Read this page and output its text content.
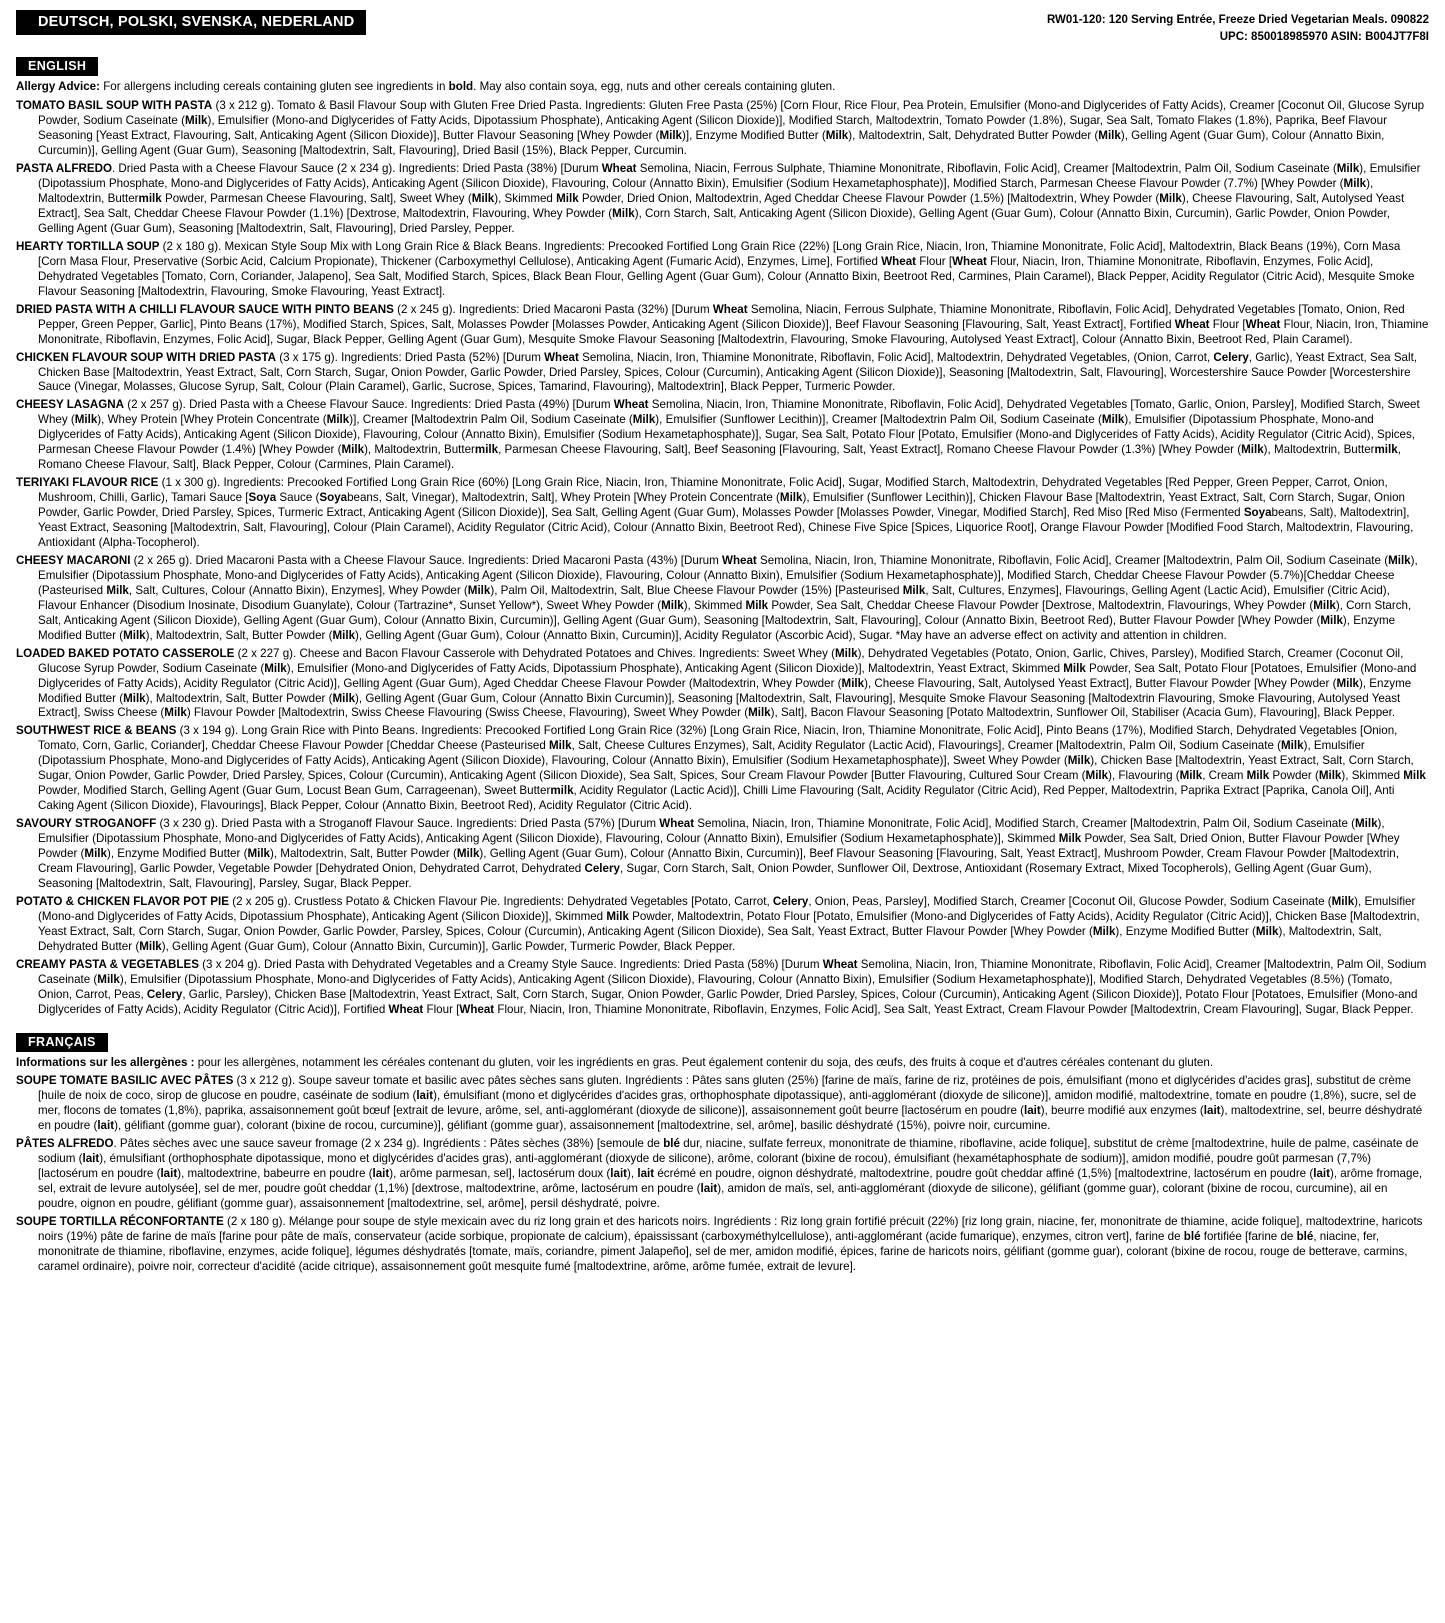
DEUTSCH, POLSKI, SVENSKA, NEDERLAND	RW01-120: 120 Serving Entrée, Freeze Dried Vegetarian Meals. 090822
UPC: 850018985970 ASIN: B004JT7F8I
ENGLISH

Allergy Advice: For allergens including cereals containing gluten see ingredients in bold. May also contain soya, egg, nuts and other cereals containing gluten.

TOMATO BASIL SOUP WITH PASTA (3 x 212 g). Tomato & Basil Flavour Soup with Gluten Free Dried Pasta. Ingredients: Gluten Free Pasta (25%) [Corn Flour, Rice Flour, Pea Protein, Emulsifier (Mono-and Diglycerides of Fatty Acids), Creamer [Coconut Oil, Glucose Syrup Powder, Sodium Caseinate (Milk), Emulsifier (Mono-and Diglycerides of Fatty Acids, Dipotassium Phosphate), Anticaking Agent (Silicon Dioxide)], Modified Starch, Maltodextrin, Tomato Powder (1.8%), Sugar, Sea Salt, Tomato Flakes (1.8%), Paprika, Beef Flavour Seasoning [Yeast Extract, Flavouring, Salt, Anticaking Agent (Silicon Dioxide)], Butter Flavour Seasoning [Whey Powder (Milk)], Enzyme Modified Butter (Milk), Maltodextrin, Salt, Dehydrated Butter Powder (Milk), Gelling Agent (Guar Gum), Colour (Annatto Bixin, Curcumin)], Gelling Agent (Guar Gum), Seasoning [Maltodextrin, Salt, Flavouring], Dried Basil (15%), Black Pepper, Curcumin.

PASTA ALFREDO. Dried Pasta with a Cheese Flavour Sauce (2 x 234 g). Ingredients: Dried Pasta (38%) [Durum Wheat Semolina, Niacin, Ferrous Sulphate, Thiamine Mononitrate, Riboflavin, Folic Acid], Creamer [Maltodextrin, Palm Oil, Sodium Caseinate (Milk), Emulsifier (Dipotassium Phosphate, Mono-and Diglycerides of Fatty Acids), Anticaking Agent (Silicon Dioxide), Flavouring, Colour (Annatto Bixin), Emulsifier (Sodium Hexametaphosphate)], Modified Starch, Parmesan Cheese Flavour Powder (7.7%) [Whey Powder (Milk), Maltodextrin, Buttermilk Powder, Parmesan Cheese Flavouring, Salt], Sweet Whey (Milk), Skimmed Milk Powder, Dried Onion, Maltodextrin, Aged Cheddar Cheese Flavour Powder (1.5%) [Maltodextrin, Whey Powder (Milk), Cheese Flavouring, Salt, Autolysed Yeast Extract], Sea Salt, Cheddar Cheese Flavour Powder (1.1%) [Dextrose, Maltodextrin, Flavouring, Whey Powder (Milk), Corn Starch, Salt, Anticaking Agent (Silicon Dioxide), Gelling Agent (Guar Gum), Colour (Annatto Bixin, Curcumin), Garlic Powder, Onion Powder, Gelling Agent (Guar Gum), Seasoning [Maltodextrin, Salt, Flavouring], Dried Parsley, Pepper.

HEARTY TORTILLA SOUP (2 x 180 g). Mexican Style Soup Mix with Long Grain Rice & Black Beans. Ingredients: Precooked Fortified Long Grain Rice (22%) [Long Grain Rice, Niacin, Iron, Thiamine Mononitrate, Folic Acid], Maltodextrin, Black Beans (19%), Corn Masa [Corn Masa Flour, Preservative (Sorbic Acid, Calcium Propionate), Thickener (Carboxymethyl Cellulose), Anticaking Agent (Fumaric Acid), Enzymes, Lime], Fortified Wheat Flour [Wheat Flour, Niacin, Iron, Thiamine Mononitrate, Riboflavin, Enzymes, Folic Acid], Dehydrated Vegetables [Tomato, Corn, Coriander, Jalapeno], Sea Salt, Modified Starch, Spices, Black Bean Flour, Gelling Agent (Guar Gum), Colour (Annatto Bixin, Beetroot Red, Carmines, Plain Caramel), Black Pepper, Acidity Regulator (Citric Acid), Mesquite Smoke Flavour Seasoning [Maltodextrin, Flavouring, Smoke Flavouring, Yeast Extract].

DRIED PASTA WITH A CHILLI FLAVOUR SAUCE WITH PINTO BEANS (2 x 245 g). Ingredients: Dried Macaroni Pasta (32%) [Durum Wheat Semolina, Niacin, Ferrous Sulphate, Thiamine Mononitrate, Riboflavin, Folic Acid], Dehydrated Vegetables [Tomato, Onion, Red Pepper, Green Pepper, Garlic], Pinto Beans (17%), Modified Starch, Spices, Salt, Molasses Powder [Molasses Powder, Anticaking Agent (Silicon Dioxide)], Beef Flavour Seasoning [Flavouring, Salt, Yeast Extract], Fortified Wheat Flour [Wheat Flour, Niacin, Iron, Thiamine Mononitrate, Riboflavin, Enzymes, Folic Acid], Sugar, Black Pepper, Gelling Agent (Guar Gum), Mesquite Smoke Flavour Seasoning [Maltodextrin, Flavouring, Smoke Flavouring, Autolysed Yeast Extract], Colour (Annatto Bixin, Beetroot Red, Plain Caramel).

CHICKEN FLAVOUR SOUP WITH DRIED PASTA (3 x 175 g). Ingredients: Dried Pasta (52%) [Durum Wheat Semolina, Niacin, Iron, Thiamine Mononitrate, Riboflavin, Folic Acid], Maltodextrin, Dehydrated Vegetables, (Onion, Carrot, Celery, Garlic), Yeast Extract, Sea Salt, Chicken Base [Maltodextrin, Yeast Extract, Salt, Corn Starch, Sugar, Onion Powder, Garlic Powder, Dried Parsley, Spices, Colour (Curcumin), Anticaking Agent (Silicon Dioxide)], Seasoning [Maltodextrin, Salt, Flavouring], Worcestershire Sauce Powder [Worcestershire Sauce (Vinegar, Molasses, Glucose Syrup, Salt, Colour (Plain Caramel), Garlic, Sucrose, Spices, Tamarind, Flavouring), Maltodextrin], Black Pepper, Turmeric Powder.

CHEESY LASAGNA (2 x 257 g). Dried Pasta with a Cheese Flavour Sauce. Ingredients: Dried Pasta (49%) [Durum Wheat Semolina, Niacin, Iron, Thiamine Mononitrate, Riboflavin, Folic Acid], Dehydrated Vegetables [Tomato, Garlic, Onion, Parsley], Modified Starch, Sweet Whey (Milk), Whey Protein [Whey Protein Concentrate (Milk)], Creamer [Maltodextrin Palm Oil, Sodium Caseinate (Milk), Emulsifier (Sunflower Lecithin)], Creamer [Maltodextrin Palm Oil, Sodium Caseinate (Milk), Emulsifier (Dipotassium Phosphate, Mono-and Diglycerides of Fatty Acids), Anticaking Agent (Silicon Dioxide), Flavouring, Colour (Annatto Bixin), Emulsifier (Sodium Hexametaphosphate)], Sugar, Sea Salt, Potato Flour [Potato, Emulsifier (Mono-and Diglycerides of Fatty Acids), Acidity Regulator (Citric Acid), Spices, Parmesan Cheese Flavour Powder (1.4%) [Whey Powder (Milk), Maltodextrin, Buttermilk, Parmesan Cheese Flavouring, Salt], Beef Seasoning [Flavouring, Salt, Yeast Extract], Romano Cheese Flavour Powder (1.3%) [Whey Powder (Milk), Maltodextrin, Buttermilk, Romano Cheese Flavour, Salt], Black Pepper, Colour (Carmines, Plain Caramel).

TERIYAKI FLAVOUR RICE (1 x 300 g). Ingredients: Precooked Fortified Long Grain Rice (60%) [Long Grain Rice, Niacin, Iron, Thiamine Mononitrate, Folic Acid], Sugar, Modified Starch, Maltodextrin, Dehydrated Vegetables [Red Pepper, Green Pepper, Carrot, Onion, Mushroom, Chilli, Garlic), Tamari Sauce [Soya Sauce (Soyabeans, Salt, Vinegar), Maltodextrin, Salt], Whey Protein [Whey Protein Concentrate (Milk), Emulsifier (Sunflower Lecithin)], Chicken Flavour Base [Maltodextrin, Yeast Extract, Salt, Corn Starch, Sugar, Onion Powder, Garlic Powder, Dried Parsley, Spices, Turmeric Extract, Anticaking Agent (Silicon Dioxide)], Sea Salt, Gelling Agent (Guar Gum), Molasses Powder [Molasses Powder, Vinegar, Modified Starch], Red Miso [Red Miso (Fermented Soyabeans, Salt), Maltodextrin], Yeast Extract, Seasoning [Maltodextrin, Salt, Flavouring], Colour (Plain Caramel), Acidity Regulator (Citric Acid), Colour (Annatto Bixin, Beetroot Red), Chinese Five Spice [Spices, Liquorice Root], Orange Flavour Powder [Modified Food Starch, Maltodextrin, Flavouring, Antioxidant (Alpha-Tocopherol).

CHEESY MACARONI (2 x 265 g). Dried Macaroni Pasta with a Cheese Flavour Sauce. Ingredients: Dried Macaroni Pasta (43%) [Durum Wheat Semolina, Niacin, Iron, Thiamine Mononitrate, Riboflavin, Folic Acid], Creamer [Maltodextrin, Palm Oil, Sodium Caseinate (Milk), Emulsifier (Dipotassium Phosphate, Mono-and Diglycerides of Fatty Acids), Anticaking Agent (Silicon Dioxide), Flavouring, Colour (Annatto Bixin), Emulsifier (Sodium Hexametaphosphate)], Modified Starch, Cheddar Cheese Flavour Powder (5.7%)[Cheddar Cheese (Pasteurised Milk, Salt, Cultures, Colour (Annatto Bixin), Enzymes], Whey Powder (Milk), Palm Oil, Maltodextrin, Salt, Blue Cheese Flavour Powder (15%) [Pasteurised Milk, Salt, Cultures, Enzymes], Flavourings, Gelling Agent (Lactic Acid), Emulsifier (Citric Acid), Flavour Enhancer (Disodium Inosinate, Disodium Guanylate), Colour (Tartrazine*, Sunset Yellow*), Sweet Whey Powder (Milk), Skimmed Milk Powder, Sea Salt, Cheddar Cheese Flavour Powder [Dextrose, Maltodextrin, Flavourings, Whey Powder (Milk), Corn Starch, Salt, Anticaking Agent (Silicon Dioxide), Gelling Agent (Guar Gum), Colour (Annatto Bixin, Curcumin)], Gelling Agent (Guar Gum), Seasoning [Maltodextrin, Salt, Flavouring], Colour (Annatto Bixin, Beetroot Red), Butter Flavour Powder [Whey Powder (Milk), Enzyme Modified Butter (Milk), Maltodextrin, Salt, Butter Powder (Milk), Gelling Agent (Guar Gum), Colour (Annatto Bixin, Curcumin)], Acidity Regulator (Ascorbic Acid), Sugar. *May have an adverse effect on activity and attention in children.

LOADED BAKED POTATO CASSEROLE (2 x 227 g). Cheese and Bacon Flavour Casserole with Dehydrated Potatoes and Chives. Ingredients: Sweet Whey (Milk), Dehydrated Vegetables (Potato, Onion, Garlic, Chives, Parsley), Modified Starch, Creamer (Coconut Oil, Glucose Syrup Powder, Sodium Caseinate (Milk), Emulsifier (Mono-and Diglycerides of Fatty Acids, Dipotassium Phosphate), Anticaking Agent (Silicon Dioxide)], Maltodextrin, Yeast Extract, Skimmed Milk Powder, Sea Salt, Potato Flour [Potatoes, Emulsifier (Mono-and Diglycerides of Fatty Acids), Acidity Regulator (Citric Acid)], Gelling Agent (Guar Gum), Aged Cheddar Cheese Flavour Powder (Maltodextrin, Whey Powder (Milk), Cheese Flavouring, Salt, Autolysed Yeast Extract], Butter Flavour Powder [Whey Powder (Milk), Enzyme Modified Butter (Milk), Maltodextrin, Salt, Butter Powder (Milk), Gelling Agent (Guar Gum, Colour (Annatto Bixin Curcumin)], Seasoning [Maltodextrin, Salt, Flavouring], Mesquite Smoke Flavour Seasoning [Maltodextrin Flavouring, Smoke Flavouring, Autolysed Yeast Extract], Swiss Cheese (Milk) Flavour Powder [Maltodextrin, Swiss Cheese Flavouring (Swiss Cheese, Flavouring), Sweet Whey Powder (Milk), Salt], Bacon Flavour Seasoning [Potato Maltodextrin, Sunflower Oil, Stabiliser (Acacia Gum), Flavouring], Black Pepper.

SOUTHWEST RICE & BEANS (3 x 194 g). Long Grain Rice with Pinto Beans. Ingredients: Precooked Fortified Long Grain Rice (32%) [Long Grain Rice, Niacin, Iron, Thiamine Mononitrate, Folic Acid], Pinto Beans (17%), Modified Starch, Dehydrated Vegetables [Onion, Tomato, Corn, Garlic, Coriander], Cheddar Cheese Flavour Powder [Cheddar Cheese (Pasteurised Milk, Salt, Cheese Cultures Enzymes), Salt, Acidity Regulator (Lactic Acid), Flavourings], Creamer [Maltodextrin, Palm Oil, Sodium Caseinate (Milk), Emulsifier (Dipotassium Phosphate, Mono-and Diglycerides of Fatty Acids), Anticaking Agent (Silicon Dioxide), Flavouring, Colour (Annatto Bixin), Emulsifier (Sodium Hexametaphosphate)], Sweet Whey Powder (Milk), Chicken Base [Maltodextrin, Yeast Extract, Salt, Corn Starch, Sugar, Onion Powder, Garlic Powder, Dried Parsley, Spices, Colour (Curcumin), Anticaking Agent (Silicon Dioxide), Sea Salt, Spices, Sour Cream Flavour Powder [Butter Flavouring, Cultured Sour Cream (Milk), Flavouring (Milk, Cream Milk Powder (Milk), Skimmed Milk Powder, Modified Starch, Gelling Agent (Guar Gum, Locust Bean Gum, Carrageenan), Sweet Buttermilk, Acidity Regulator (Lactic Acid)], Chilli Lime Flavouring (Salt, Acidity Regulator (Citric Acid), Red Pepper, Maltodextrin, Paprika Extract [Paprika, Canola Oil], Anti Caking Agent (Silicon Dioxide), Flavourings], Black Pepper, Colour (Annatto Bixin, Beetroot Red), Acidity Regulator (Citric Acid).

SAVOURY STROGANOFF (3 x 230 g). Dried Pasta with a Stroganoff Flavour Sauce. Ingredients: Dried Pasta (57%) [Durum Wheat Semolina, Niacin, Iron, Thiamine Mononitrate, Folic Acid], Modified Starch, Creamer [Maltodextrin, Palm Oil, Sodium Caseinate (Milk), Emulsifier (Dipotassium Phosphate, Mono-and Diglycerides of Fatty Acids), Anticaking Agent (Silicon Dioxide), Flavouring, Colour (Annatto Bixin), Emulsifier (Sodium Hexametaphosphate)], Skimmed Milk Powder, Sea Salt, Dried Onion, Butter Flavour Powder [Whey Powder (Milk), Enzyme Modified Butter (Milk), Maltodextrin, Salt, Butter Powder (Milk), Gelling Agent (Guar Gum), Colour (Annatto Bixin, Curcumin)], Beef Flavour Seasoning [Flavouring, Salt, Yeast Extract], Mushroom Powder, Cream Flavour Powder [Maltodextrin, Cream Flavouring], Garlic Powder, Vegetable Powder [Dehydrated Onion, Dehydrated Carrot, Dehydrated Celery, Sugar, Corn Starch, Salt, Onion Powder, Sunflower Oil, Dextrose, Antioxidant (Rosemary Extract, Mixed Tocopherols), Gelling Agent (Guar Gum), Seasoning [Maltodextrin, Salt, Flavouring], Parsley, Sugar, Black Pepper.

POTATO & CHICKEN FLAVOR POT PIE (2 x 205 g). Crustless Potato & Chicken Flavour Pie. Ingredients: Dehydrated Vegetables [Potato, Carrot, Celery, Onion, Peas, Parsley], Modified Starch, Creamer [Coconut Oil, Glucose Powder, Sodium Caseinate (Milk), Emulsifier (Mono-and Diglycerides of Fatty Acids, Dipotassium Phosphate), Anticaking Agent (Silicon Dioxide)], Skimmed Milk Powder, Maltodextrin, Potato Flour [Potato, Emulsifier (Mono-and Diglycerides of Fatty Acids), Acidity Regulator (Citric Acid)], Chicken Base [Maltodextrin, Yeast Extract, Salt, Corn Starch, Sugar, Onion Powder, Garlic Powder, Parsley, Spices, Colour (Curcumin), Anticaking Agent (Silicon Dioxide), Sea Salt, Yeast Extract, Butter Flavour Powder [Whey Powder (Milk), Enzyme Modified Butter (Milk), Maltodextrin, Salt, Dehydrated Butter (Milk), Gelling Agent (Guar Gum), Colour (Annatto Bixin, Curcumin)], Garlic Powder, Turmeric Powder, Black Pepper.

CREAMY PASTA & VEGETABLES (3 x 204 g). Dried Pasta with Dehydrated Vegetables and a Creamy Style Sauce. Ingredients: Dried Pasta (58%) [Durum Wheat Semolina, Niacin, Iron, Thiamine Mononitrate, Riboflavin, Folic Acid], Creamer [Maltodextrin, Palm Oil, Sodium Caseinate (Milk), Emulsifier (Dipotassium Phosphate, Mono-and Diglycerides of Fatty Acids), Anticaking Agent (Silicon Dioxide), Flavouring, Colour (Annatto Bixin), Emulsifier (Sodium Hexametaphosphate)], Modified Starch, Dehydrated Vegetables (8.5%) (Tomato, Onion, Carrot, Peas, Celery, Garlic, Parsley), Chicken Base [Maltodextrin, Yeast Extract, Salt, Corn Starch, Sugar, Onion Powder, Garlic Powder, Dried Parsley, Spices, Colour (Curcumin), Anticaking Agent (Silicon Dioxide)], Potato Flour [Potatoes, Emulsifier (Mono-and Diglycerides of Fatty Acids), Acidity Regulator (Citric Acid)], Fortified Wheat Flour [Wheat Flour, Niacin, Iron, Thiamine Mononitrate, Riboflavin, Enzymes, Folic Acid], Sea Salt, Yeast Extract, Cream Flavour Powder [Maltodextrin, Cream Flavouring], Sugar, Black Pepper.

FRANÇAIS

Informations sur les allergènes : pour les allergènes, notamment les céréales contenant du gluten, voir les ingrédients en gras. Peut également contenir du soja, des œufs, des fruits à coque et d'autres céréales contenant du gluten.

SOUPE TOMATE BASILIC AVEC PÂTES (3 x 212 g). Soupe saveur tomate et basilic avec pâtes sèches sans gluten. Ingrédients : Pâtes sans gluten (25%) [farine de maïs, farine de riz, protéines de pois, émulsifiant (mono et diglycérides d'acides gras], substitut de crème [huile de noix de coco, sirop de glucose en poudre, caséinate de sodium (lait), émulsifiant (mono et diglycérides d'acides gras, orthophosphate dipotassique), anti-agglomérant (dioxyde de silicone)], amidon modifié, maltodextrine, tomate en poudre (1,8%), sucre, sel de mer, flocons de tomates (1,8%), paprika, assaisonnement goût bœuf [extrait de levure, arôme, sel, anti-agglomérant (dioxyde de silicone)], assaisonnement goût beurre [lactosérum en poudre (lait), beurre modifié aux enzymes (lait), maltodextrine, sel, beurre déshydraté en poudre (lait), gélifiant (gomme guar), colorant (bixine de rocou, curcumine)], gélifiant (gomme guar), assaisonnement [maltodextrine, sel, arôme], basilic déshydraté (15%), poivre noir, curcumine.

PÂTES ALFREDO. Pâtes sèches avec une sauce saveur fromage (2 x 234 g). Ingrédients : Pâtes sèches (38%) [semoule de blé dur, niacine, sulfate ferreux, mononitrate de thiamine, riboflavine, acide folique], substitut de crème [maltodextrine, huile de palme, caséinate de sodium (lait), émulsifiant (orthophosphate dipotassique, mono et diglycérides d'acides gras), anti-agglomérant (dioxyde de silicone), arôme, colorant (bixine de rocou), émulsifiant (hexamétaphosphate de sodium)], amidon modifié, poudre goût parmesan (7,7%) [lactosérum en poudre (lait), maltodextrine, babeurre en poudre (lait), arôme parmesan, sel], lactosérum doux (lait), lait écrémé en poudre, oignon déshydraté, maltodextrine, poudre goût cheddar affiné (1,5%) [maltodextrine, lactosérum en poudre (lait), arôme fromage, sel, extrait de levure autolysée], sel de mer, poudre goût cheddar (1,1%) [dextrose, maltodextrine, arôme, lactosérum en poudre (lait), amidon de maïs, sel, anti-agglomérant (dioxyde de silicone), gélifiant (gomme guar), colorant (bixine de rocou, curcumine), ail en poudre, oignon en poudre, gélifiant (gomme guar), assaisonnement [maltodextrine, sel, arôme], persil déshydraté, poivre.

SOUPE TORTILLA RÉCONFORTANTE (2 x 180 g). Mélange pour soupe de style mexicain avec du riz long grain et des haricots noirs. Ingrédients : Riz long grain fortifié précuit (22%) [riz long grain, niacine, fer, mononitrate de thiamine, acide folique], maltodextrine, haricots noirs (19%) pâte de farine de maïs [farine pour pâte de maïs, conservateur (acide sorbique, propionate de calcium), épaississant (carboxyméthylcellulose), anti-agglomérant (acide fumarique), enzymes, citron vert], farine de blé fortifiée [farine de blé, niacine, fer, mononitrate de thiamine, riboflavine, enzymes, acide folique], légumes déshydratés [tomate, maïs, coriandre, piment Jalapeño], sel de mer, amidon modifié, épices, farine de haricots noirs, gélifiant (gomme guar), colorant (bixine de rocou, rouge de betterave, carmins, caramel ordinaire), poivre noir, correcteur d'acidité (acide citrique), assaisonnement goût mesquite fumé [maltodextrine, arôme, arôme fumée, extrait de levure].
